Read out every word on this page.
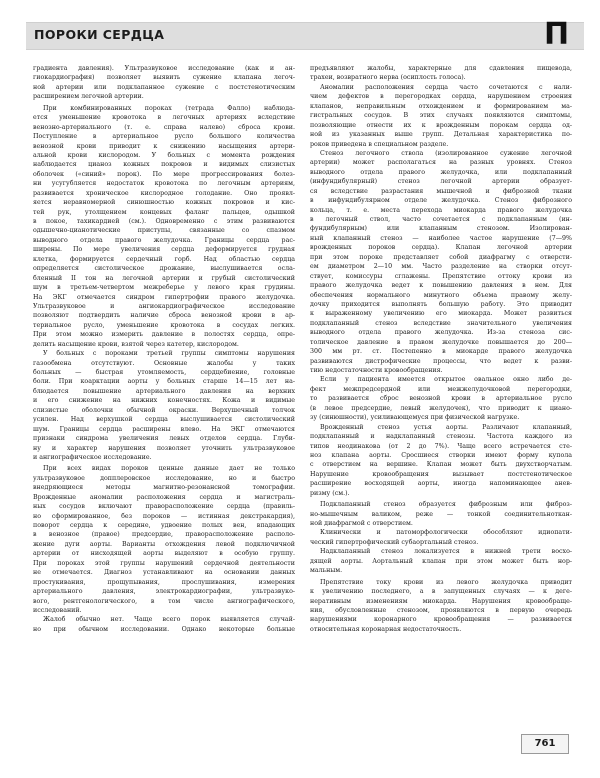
ПОРОКИ СЕРДЦА	П
градиента давления). Ультразвуковое исследование (как и ан-
гиокардиография) позволяет выявить сужение клапана легоч-
ной артерии или подклапанное сужение с постстенотическим
расширением легочной артерии.
При комбинированных пороках (тетрада Фалло) наблюда-
ется уменьшение кровотока в легочных артериях вследствие
венозно-артериального (т. е. справа налево) сброса крови.
Поступление в артериальное русло большого количества
венозной крови приводит к снижению насыщения артери-
альной крови кислородом. У больных с момента рождения
наблюдается цианоз кожных покровов и видимых слизистых
оболочек («синий» порок). По мере прогрессирования болез-
ни усугубляется недостаток кровотока по легочным артериям,
развивается хроническое кислородное голодание. Оно проявл-
яется неравномерной синюшностью кожных покровов и кис-
тей рук, утолщением концевых фаланг пальцев, одышкой
в покое, тахикардией (см.). Одновременно с этим развиваются
одышечно-цианотические приступы, связанные со спазмом
выводного отдела правого желудочка. Границы сердца рас-
ширены. По мере увеличения сердца деформируется грудная
клетка, формируется сердечный горб. Над областью сердца
определяется систолическое дрожание, выслушивается осла-
бленный II тон на легочной артерии и грубый систолический
шум в третьем-четвертом межреберье у левого края грудины.
На ЭКГ отмечается синдром гипертрофии правого желудочка.
Ультразвуковое и ангиокардиографическое исследование
позволяют подтвердить наличие сброса венозной крови в ар-
териальное русло, уменьшение кровотока в сосудах легких.
При этом можно измерить давление в полостях сердца, опре-
делить насыщение крови, взятой через катетер, кислородом.
У больных с пороками третьей группы симптомы нарушения
газообмена отсутствуют. Основные жалобы у таких
больных — быстрая утомляемость, сердцебиение, головные
боли. При коарктации аорты у больных старше 14—15 лет на-
блюдается повышение артериального давления на верхних
и его снижение на нижних конечностях. Кожа и видимые
слизистые оболочки обычной окраски. Верхушечный толчок
усилен. Над верхушкой сердца выслушивается систолический
шум. Границы сердца расширены влево. На ЭКГ отмечаются
признаки синдрома увеличения левых отделов сердца. Глуби-
ну и характер нарушения позволяет уточнить ультразвуковое
и ангиографическое исследование.
При всех видах пороков ценные данные дает не только
ультразвуковое допплеровское исследование, но и быстро
внедряющиеся методы магнитно-резонансной томографии.
Врожденные аномалии расположения сердца и магистраль-
ных сосудов включают праворасположение сердца (правиль-
но сформированное, без пороков — истинная декстракардия),
поворот сердца к середине, удвоение полых вен, впадающих
в венозное (правое) предсердие, праворасположение располо-
жение дуги аорты. Варианты отхождения левой подключичной
артерии от нисходящей аорты выделяют в особую группу.
При пороках этой группы нарушений сердечной деятельности
не отмечается. Диагноз устанавливают на основании данных
простукивания, прощупывания, прослушивания, измерения
артериального давления, электрокардиографии, ультразвуко-
вого, рентгенологического, в том числе ангиографического,
исследований.
Жалоб обычно нет. Чаще всего порок выявляется случай-
но при обычном исследовании. Однако некоторые больные
предъявляют жалобы, характерные для сдавления пищевода,
трахеи, возвратного нерва (осиплость голоса).
Аномалии расположения сердца часто сочетаются с нали-
чием дефектов в перегородках сердца, нарушением строения
клапанов, неправильным отхождением и формированием ма-
гистральных сосудов. В этих случаях появляются симптомы,
позволяющие отнести их к врожденным порокам сердца од-
ной из указанных выше групп. Детальная характеристика по-
роков приведена в специальном разделе.
Стеноз легочного ствола (изолированное сужение легочной
артерии) может располагаться на разных уровнях. Стеноз
выводного отдела правого желудочка, или подклапанный
(инфундибулярный) стеноз легочной артерии образует-
ся вследствие разрастания мышечной и фиброзной ткани
в инфундибулярном отделе желудочка. Стеноз фиброзного
кольца, т. е. места перехода миокарда правого желудочка
в легочный ствол, часто сочетается с подклапанным (ин-
фундибулярным) или клапанным стенозом. Изолирован-
ный клапанный стеноз — наиболее частое нарушение (7—9%
врожденных пороков сердца). Клапан легочной артерии
при этом пороке представляет собой диафрагму с отверсти-
ем диаметром 2—10 мм. Часто разделение на створки отсут-
ствует, комиссуры сглажены. Препятствие оттоку крови из
правого желудочка ведет к повышению давления в нем. Для
обеспечения нормального минутного объема правому желу-
дочку приходится выполнять большую работу. Это приводит
к выраженному увеличению его миокарда. Может развиться
подклапанный стеноз вследствие значительного увеличения
выводного отдела правого желудочка. Из-за стеноза сис-
толическое давление в правом желудочке повышается до 200—
300 мм рт. ст. Постепенно в миокарде правого желудочка
развиваются дистрофические процессы, что ведет к разви-
тию недостаточности кровообращения.
Если у пациента имеется открытое овальное окно либо де-
фект межпредсердной или межжелудочковой перегородки,
то развивается сброс венозной крови в артериальное русло
(в левое предсердие, левый желудочек), что приводит к циано-
зу (синюшности), усиливающемуся при физической нагрузке.
Врожденный стеноз устья аорты. Различают клапанный,
подклапанный и надклапанный стенозы. Частота каждого из
типов неодинакова (от 2 до 7%). Чаще всего встречается сте-
ноз клапана аорты. Сросшиеся створки имеют форму купола
с отверстием на вершине. Клапан может быть двухстворчатым.
Нарушение кровообращения вызывает постстенотическое
расширение восходящей аорты, иногда напоминающее анев-
ризму (см.).
Подклапанный стеноз образуется фиброзным или фиброз-
но-мышечным валиком, реже — тонкой соединительноткан-
ной диафрагмой с отверстием.
Клинически и патоморфологически обособляют идиопати-
ческий гипертрофический субаортальный стеноз.
Надклапанный стеноз локализуется в нижней трети восхо-
дящей аорты. Аортальный клапан при этом может быть нор-
мальным.
Препятствие току крови из левого желудочка приводит
к увеличению последнего, а в запущенных случаях — к деге-
неративным изменениям миокарда. Нарушения кровообраще-
ния, обусловленные стенозом, проявляются в первую очередь
нарушениями коронарного кровообращения — развивается
относительная коронарная недостаточность.
761
